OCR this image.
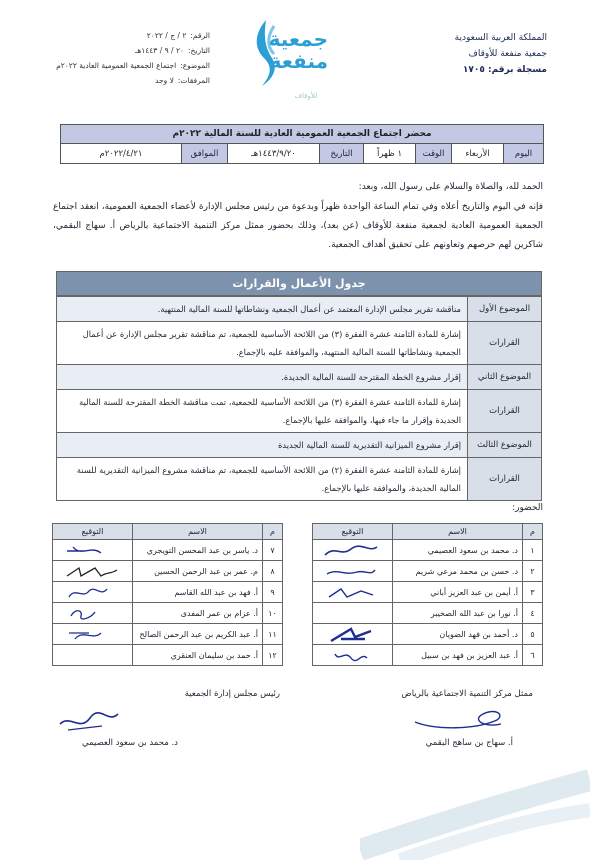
المملكة العربية السعودية
جمعية منفعة للأوقاف
مسجلة برقم: ١٧٠٥
الرقم:
٢ / ج / ٢٠٢٢
التاريخ:
٢٠ / ٩ / ١٤٤٣هـ
الموضوع:
اجتماع الجمعية العمومية العادية ٢٠٢٢م
المرفقات:
لا وجد
جمعية منفعة
للأوقاف
محضر اجتماع الجمعية العمومية العادية للسنة المالية ٢٠٢٢م
اليوم
الأربعاء
الوقت
١ ظهراً
التاريخ
١٤٤٣/٩/٢٠هـ
الموافق
٢٠٢٢/٤/٢١م
الحمد لله، والصلاة والسلام على رسول الله، وبعد:
فإنه في اليوم والتاريخ أعلاه وفي تمام الساعة الواحدة ظهراً وبدعوة من رئيس مجلس الإدارة لأعضاء الجمعية العمومية، انعقد اجتماع الجمعية العمومية العادية لجمعية منفعة للأوقاف (عن بعد)، وذلك بحضور ممثل مركز التنمية الاجتماعية بالرياض أ. سهاج البقمي، شاكرين لهم حرصهم وتعاونهم على تحقيق أهداف الجمعية.
جدول الأعمال والقرارات
الموضوع الأول
مناقشة تقرير مجلس الإدارة المعتمد عن أعمال الجمعية ونشاطاتها للسنة المالية المنتهية.
القرارات
إشارة للمادة الثامنة عشرة الفقرة (٣) من اللائحة الأساسية للجمعية، تم مناقشة تقرير مجلس الإدارة عن أعمال الجمعية ونشاطاتها للسنة المالية المنتهية، والموافقة عليه بالإجماع.
الموضوع الثاني
إقرار مشروع الخطة المقترحة للسنة المالية الجديدة.
القرارات
إشارة للمادة الثامنة عشرة الفقرة (٣) من اللائحة الأساسية للجمعية، تمت مناقشة الخطة المقترحة للسنة المالية الجديدة وإقرار ما جاء فيها، والموافقة عليها بالإجماع.
الموضوع الثالث
إقرار مشروع الميزانية التقديرية للسنة المالية الجديدة
القرارات
إشارة للمادة الثامنة عشرة الفقرة (٢) من اللائحة الأساسية للجمعية، تم مناقشة مشروع الميزانية التقديرية للسنة المالية الجديدة، والموافقة عليها بالإجماع.
الحضور:
م	الاسم	التوقيع
١	د. محمد بن سعود العصيمي	

٢	د. حسن بن محمد مرعي شريم	

٣	أ. أيمن بن عبد العزيز أباني	

٤	أ. نورا بن عبد الله الصخيبر	
٥	د. أحمد بن فهد الضويان	

٦	أ. عبد العزيز بن فهد بن سبيل	
م	الاسم	التوقيع
٧	د. ياسر بن عبد المحسن التويجري	

٨	م. عمر بن عبد الرحمن الحسين	

٩	أ. فهد بن عبد الله القاسم	

١٠	أ. عزام بن عمر المفدى	

١١	أ. عبد الكريم بن عبد الرحمن الصالح	

١٢	أ. حمد بن سليمان العنقري	
ممثل مركز التنمية الاجتماعية بالرياض
أ. سهاج بن ساهج البقمي
رئيس مجلس إدارة الجمعية
د. محمد بن سعود العصيمي
